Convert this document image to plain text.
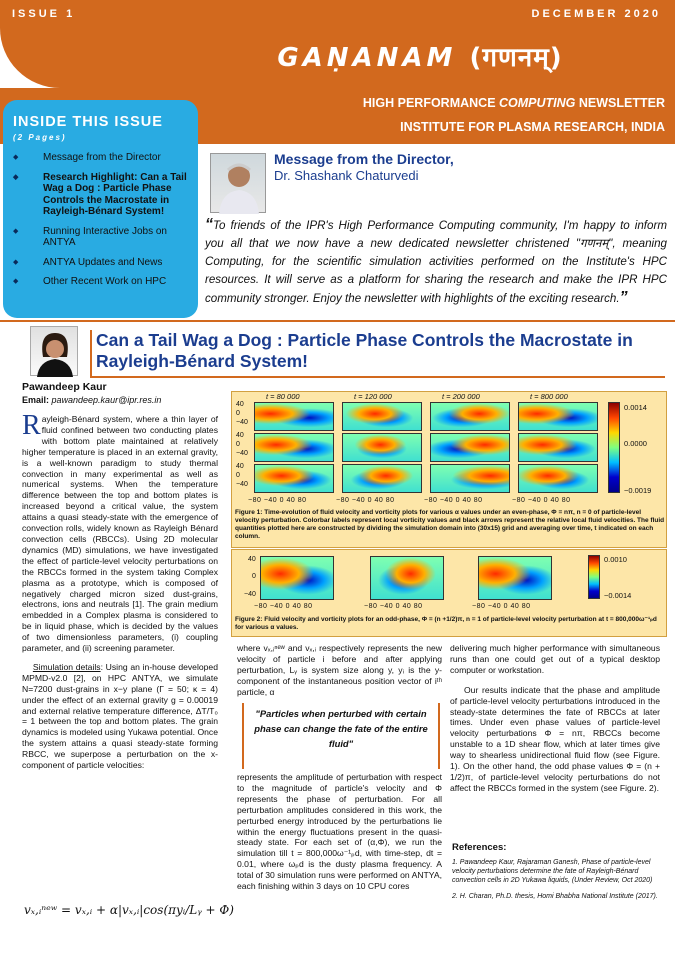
ISSUE 1	DECEMBER 2020
GAṆANAM (गणनम्)
HIGH PERFORMANCE COMPUTING NEWSLETTER
INSTITUTE FOR PLASMA RESEARCH, INDIA
INSIDE THIS ISSUE
(2 Pages)
◆ Message from the Director
◆ Research Highlight: Can a Tail Wag a Dog : Particle Phase Controls the Macrostate in Rayleigh-Bénard System!
◆ Running Interactive Jobs on ANTYA
◆ ANTYA Updates and News
◆ Other Recent Work on HPC
Message from the Director,
Dr. Shashank Chaturvedi
“To friends of the IPR's High Performance Computing community, I'm happy to inform you all that we now have a new dedicated newsletter christened "गणनम्", meaning Computing, for the scientific simulation activities performed on the Institute's HPC resources. It will serve as a platform for sharing the research and make the IPR HPC community stronger. Enjoy the newsletter with highlights of the exciting research.”
Can a Tail Wag a Dog : Particle Phase Controls the Macrostate in Rayleigh-Bénard System!
Pawandeep Kaur
Email: pawandeep.kaur@ipr.res.in
Rayleigh-Bénard system, where a thin layer of fluid confined between two conducting plates with bottom plate maintained at relatively higher temperature is placed in an external gravity, is a well-known paradigm to study thermal convection in many experimental as well as numerical systems. When the temperature difference between the top and bottom plates is increased beyond a critical value, the system attains a quasi steady-state with the emergence of convection rolls, widely known as Rayleigh Bénard convection cells (RBCCs). Using 2D molecular dynamics (MD) simulations, we have investigated the effect of particle-level velocity perturbations on the RBCCs formed in the system taking Complex plasma as a prototype, which is composed of negatively charged micron sized dust-grains, electrons, ions and neutrals [1]. The grain medium embedded in a Complex plasma is considered to be in liquid phase, which is decided by the values of two dimensionless parameters, (i) coupling parameter, and (ii) screening parameter.
Simulation details: Using an in-house developed MPMD-v2.0 [2], on HPC ANTYA, we simulate N=7200 dust-grains in x−y plane (Γ = 50; κ = 4) under the effect of an external gravity g = 0.00019 and external relative temperature difference, ΔT/T₀ = 1 between the top and bottom plates. The grain dynamics is modeled using Yukawa potential. Once the system attains a quasi steady-state forming RBCC, we superpose a perturbation on the x-component of particle velocities:
vₓ,ᵢⁿᵉʷ = vₓ,ᵢ + α|vₓ,ᵢ|cos(πyᵢ/Lᵧ + Φ)
t = 80 000
−80 −40 0 40 80
t = 120 000
−80 −40 0 40 80
t = 200 000
−80 −40 0 40 80
t = 800 000
−80 −40 0 40 80
40
0
−40
40
0
−40
40
0
−40
0.0014
0.0000
−0.0019
Figure 1: Time-evolution of fluid velocity and vorticity plots for various α values under an even-phase, Φ = nπ, n = 0 of particle-level velocity perturbation. Colorbar labels represent local vorticity values and black arrows represent the relative local fluid velocities. The fluid quantities plotted here are constructed by dividing the simulation domain into (30x15) grid and averaging over time, t indicated on each column.
−80 −40 0 40 80	−80 −40 0 40 80	−80 −40 0 40 80
40
0
−40
0.0010
−0.0014
Figure 2: Fluid velocity and vorticity plots for an odd-phase, Φ = (n +1/2)π, n = 1 of particle-level velocity perturbation at t = 800,000ω⁻¹ₚd for various α values.
where vₓ,ᵢⁿᵉʷ and vₓ,ᵢ respectively represents the new velocity of particle i before and after applying perturbation, Lᵧ is system size along y, yᵢ is the y-component of the instantaneous position vector of iᵗʰ particle, α
"Particles when perturbed with certain phase can change the fate of the entire fluid"
represents the amplitude of perturbation with respect to the magnitude of particle's velocity and Φ represents the phase of perturbation. For all perturbation amplitudes considered in this work, the perturbed energy introduced by the perturbations lie within the energy fluctuations present in the quasi-steady state. For each set of (α,Φ), we run the simulation till t = 800,000ω⁻¹ₚd, with time-step, dt = 0.01, where ωₚd is the dusty plasma frequency. A total of 30 simulation runs were performed on ANTYA, each finishing within 3 days on 10 CPU cores
delivering much higher performance with simultaneous runs than one could get out of a typical desktop computer or workstation.
Our results indicate that the phase and amplitude of particle-level velocity perturbations introduced in the steady-state determines the fate of RBCCs at later times. Under even phase values of particle-level velocity perturbations Φ = nπ, RBCCs become unstable to a 1D shear flow, which at later times give way to shearless unidirectional fluid flow (see Figure. 1). On the other hand, the odd phase values Φ = (n + 1/2)π, of particle-level velocity perturbations do not affect the RBCCs formed in the system (see Figure. 2).
References:
1. Pawandeep Kaur, Rajaraman Ganesh, Phase of particle-level velocity perturbations determine the fate of Rayleigh-Bénard convection cells in 2D Yukawa liquids, (Under Review, Oct 2020)
2. H. Charan, Ph.D. thesis, Homi Bhabha National Institute (2017).
